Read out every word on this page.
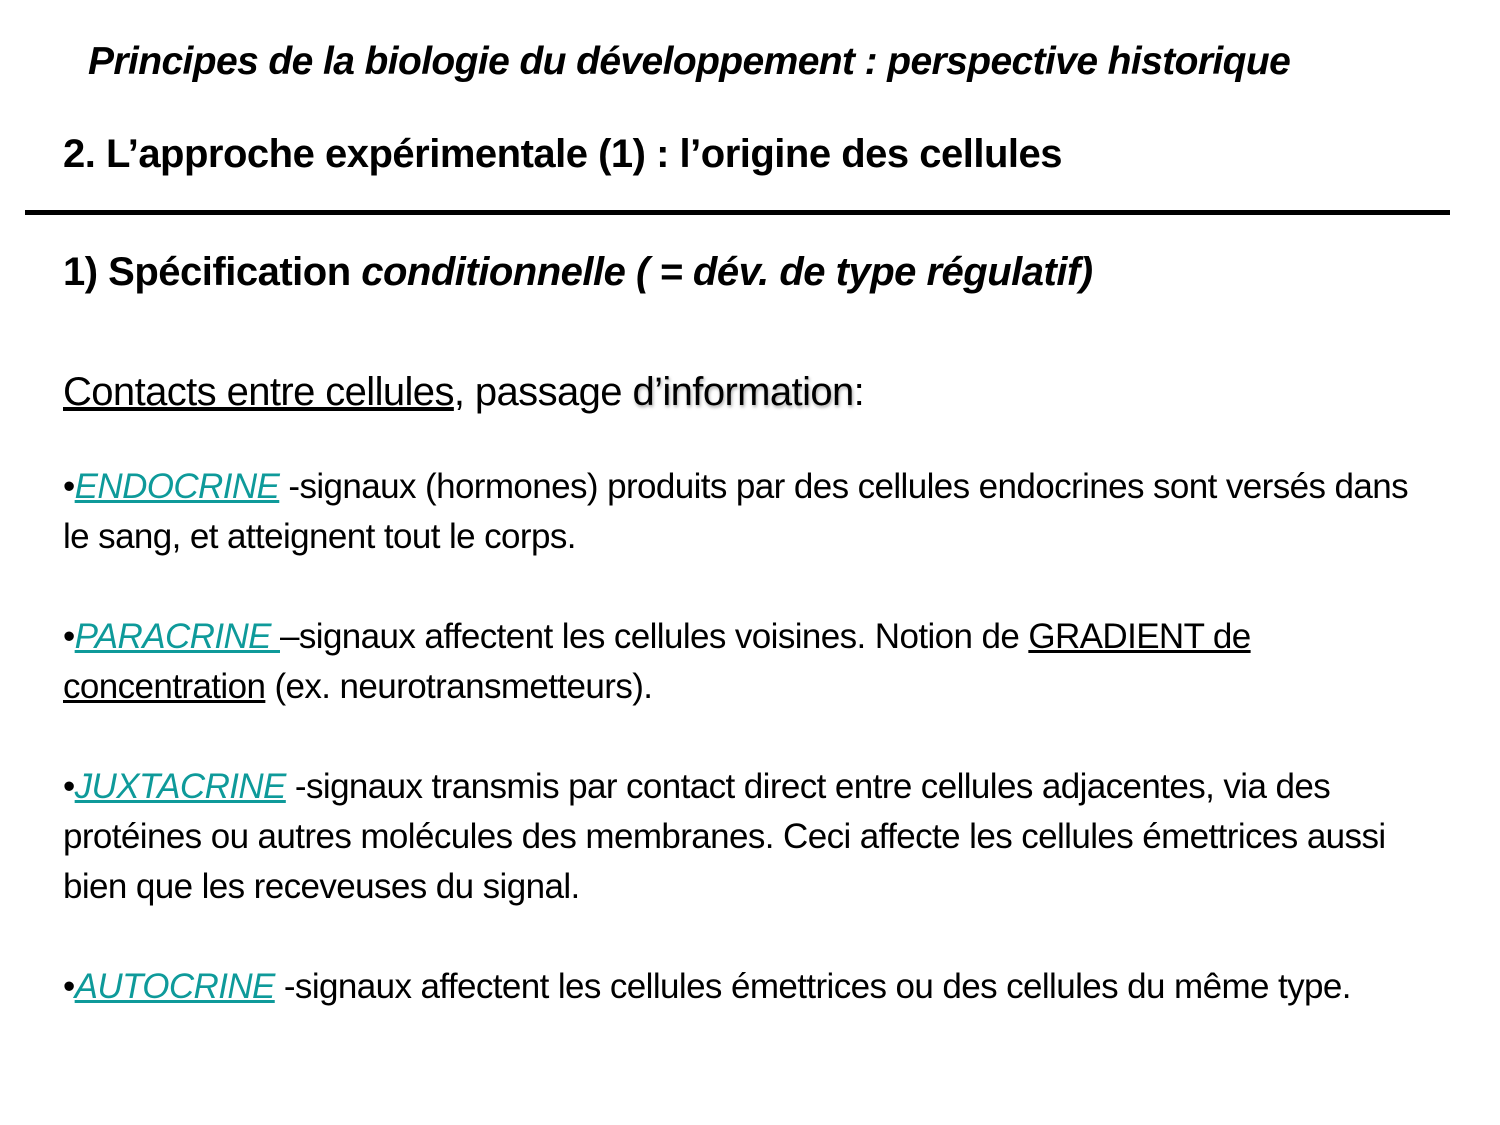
Principes de la biologie du développement : perspective historique
2. L’approche expérimentale (1) : l’origine des cellules
1) Spécification conditionnelle ( = dév. de type régulatif)
Contacts entre cellules, passage d’information:
•ENDOCRINE -signaux (hormones) produits par des cellules endocrines sont versés dans le sang, et atteignent tout le corps.
•PARACRINE –signaux affectent les cellules voisines. Notion de GRADIENT de concentration (ex. neurotransmetteurs).
•JUXTACRINE -signaux transmis par contact direct entre cellules adjacentes, via des protéines ou autres molécules des membranes. Ceci affecte les cellules émettrices aussi bien que les receveuses du signal.
•AUTOCRINE -signaux affectent les cellules émettrices ou des cellules du même type.
